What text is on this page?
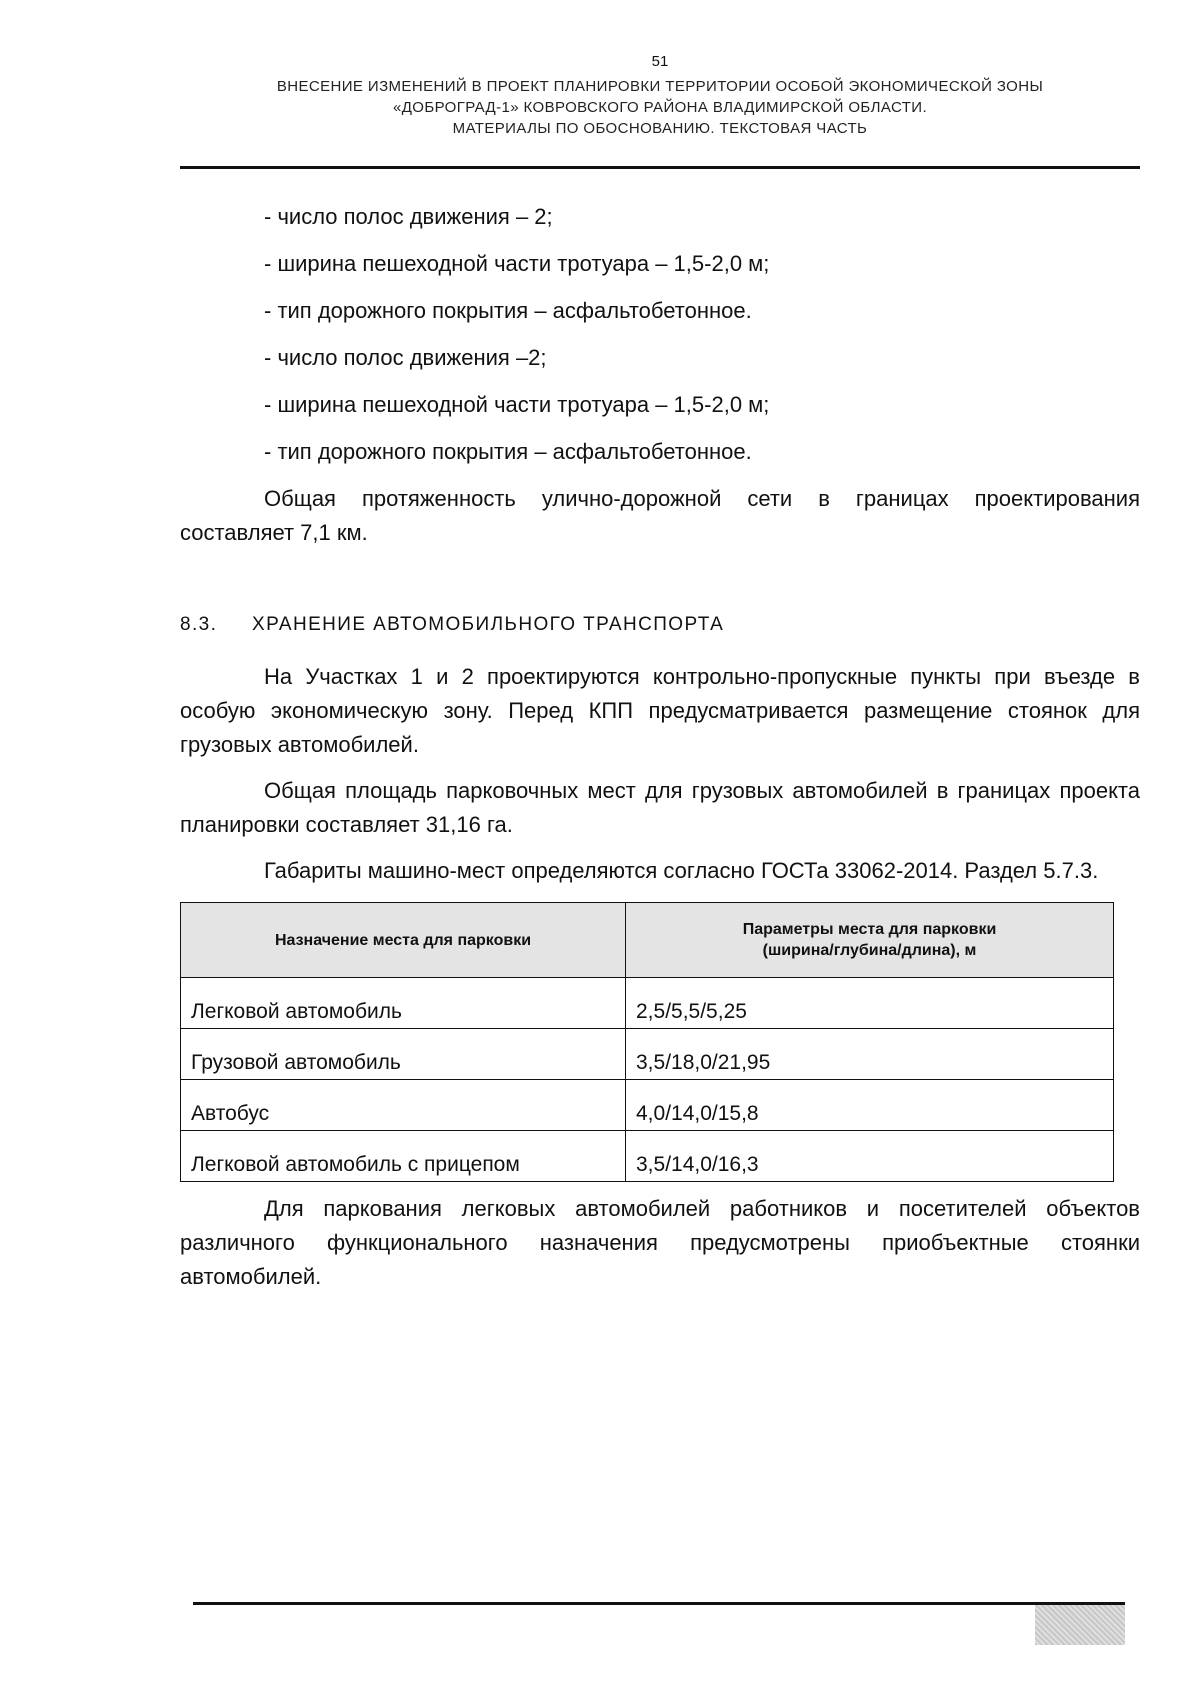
51
ВНЕСЕНИЕ ИЗМЕНЕНИЙ В ПРОЕКТ ПЛАНИРОВКИ ТЕРРИТОРИИ ОСОБОЙ ЭКОНОМИЧЕСКОЙ ЗОНЫ
«ДОБРОГРАД-1» КОВРОВСКОГО РАЙОНА ВЛАДИМИРСКОЙ ОБЛАСТИ.
МАТЕРИАЛЫ ПО ОБОСНОВАНИЮ. ТЕКСТОВАЯ ЧАСТЬ
- число полос движения – 2;
- ширина пешеходной части тротуара – 1,5-2,0 м;
- тип дорожного покрытия – асфальтобетонное.
- число полос движения –2;
- ширина пешеходной части тротуара – 1,5-2,0 м;
- тип дорожного покрытия – асфальтобетонное.

Общая протяженность улично-дорожной сети в границах проектирования составляет 7,1 км.

8.3. ХРАНЕНИЕ АВТОМОБИЛЬНОГО ТРАНСПОРТА

На Участках 1 и 2 проектируются контрольно-пропускные пункты при въезде в особую экономическую зону. Перед КПП предусматривается размещение стоянок для грузовых автомобилей.

Общая площадь парковочных мест для грузовых автомобилей в границах проекта планировки составляет 31,16 га.

Габариты машино-мест определяются согласно ГОСТа 33062-2014. Раздел 5.7.3.

Назначение места для парковки	Параметры места для парковки
(ширина/глубина/длина), м
Легковой автомобиль	2,5/5,5/5,25
Грузовой автомобиль	3,5/18,0/21,95
Автобус	4,0/14,0/15,8
Легковой автомобиль с прицепом	3,5/14,0/16,3

Для паркования легковых автомобилей работников и посетителей объектов различного функционального назначения предусмотрены приобъектные стоянки автомобилей.
